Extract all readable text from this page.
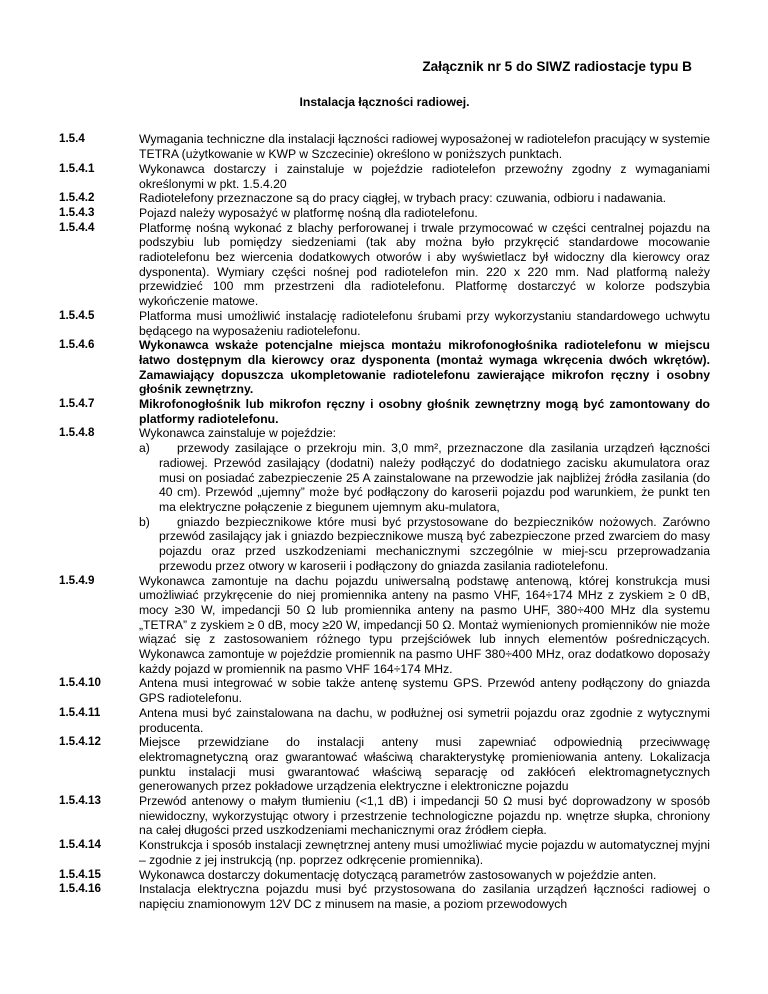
Załącznik nr 5 do SIWZ radiostacje typu B
Instalacja łączności radiowej.
1.5.4	Wymagania techniczne dla instalacji łączności radiowej wyposażonej w radiotelefon pracujący w systemie TETRA (użytkowanie w KWP w Szczecinie) określono w poniższych punktach.

1.5.4.1	Wykonawca dostarczy i zainstaluje w pojeździe radiotelefon przewoźny zgodny z wymaganiami określonymi w pkt. 1.5.4.20

1.5.4.2	Radiotelefony przeznaczone są do pracy ciągłej, w trybach pracy: czuwania, odbioru i nadawania.

1.5.4.3	Pojazd należy wyposażyć w platformę nośną dla radiotelefonu.

1.5.4.4	Platformę nośną wykonać z blachy perforowanej i trwale przymocować w części centralnej pojazdu na podszybiu lub pomiędzy siedzeniami (tak aby można było przykręcić standardowe mocowanie radiotelefonu bez wiercenia dodatkowych otworów i aby wyświetlacz był widoczny dla kierowcy oraz dysponenta). Wymiary części nośnej pod radiotelefon min. 220 x 220 mm. Nad platformą należy przewidzieć 100 mm przestrzeni dla radiotelefonu. Platformę dostarczyć w kolorze podszybia wykończenie matowe.

1.5.4.5	Platforma musi umożliwić instalację radiotelefonu śrubami przy wykorzystaniu standardowego uchwytu będącego na wyposażeniu radiotelefonu.

1.5.4.6	Wykonawca wskaże potencjalne miejsca montażu mikrofonogłośnika radiotelefonu w miejscu łatwo dostępnym dla kierowcy oraz dysponenta (montaż wymaga wkręcenia dwóch wkrętów). Zamawiający dopuszcza ukompletowanie radiotelefonu zawierające mikrofon ręczny i osobny głośnik zewnętrzny.

1.5.4.7	Mikrofonogłośnik lub mikrofon ręczny i osobny głośnik zewnętrzny mogą być zamontowany do platformy radiotelefonu.

1.5.4.8	Wykonawca zainstaluje w pojeździe:

a)	przewody zasilające o przekroju min. 3,0 mm², przeznaczone dla zasilania urządzeń łączności radiowej. Przewód zasilający (dodatni) należy podłączyć do dodatniego zacisku akumulatora oraz musi on posiadać zabezpieczenie 25 A zainstalowane na przewodzie jak najbliżej źródła zasilania (do 40 cm). Przewód „ujemny” może być podłączony do karoserii pojazdu pod warunkiem, że punkt ten ma elektryczne połączenie z biegunem ujemnym aku-mulatora,
b)	gniazdo bezpiecznikowe które musi być przystosowane do bezpieczników nożowych. Zarówno przewód zasilający jak i gniazdo bezpiecznikowe muszą być zabezpieczone przed zwarciem do masy pojazdu oraz przed uszkodzeniami mechanicznymi szczególnie w miej-scu przeprowadzania przewodu przez otwory w karoserii i podłączony do gniazda zasilania radiotelefonu.
1.5.4.9	Wykonawca zamontuje na dachu pojazdu uniwersalną podstawę antenową, której konstrukcja musi umożliwiać przykręcenie do niej promiennika anteny na pasmo VHF, 164÷174 MHz z zyskiem ≥ 0 dB, mocy ≥30 W, impedancji 50 Ω lub promiennika anteny na pasmo UHF, 380÷400 MHz dla systemu „TETRA” z zyskiem ≥ 0 dB, mocy ≥20 W, impedancji 50 Ω. Montaż wymienionych promienników nie może wiązać się z zastosowaniem różnego typu przejściówek lub innych elementów pośredniczących. Wykonawca zamontuje w pojeździe promiennik na pasmo UHF 380÷400 MHz, oraz dodatkowo doposaży każdy pojazd w promiennik na pasmo VHF 164÷174 MHz.

1.5.4.10	Antena musi integrować w sobie także antenę systemu GPS. Przewód anteny podłączony do gniazda GPS radiotelefonu.

1.5.4.11	Antena musi być zainstalowana na dachu, w podłużnej osi symetrii pojazdu oraz zgodnie z wytycznymi producenta.

1.5.4.12	Miejsce przewidziane do instalacji anteny musi zapewniać odpowiednią przeciwwagę elektromagnetyczną oraz gwarantować właściwą charakterystykę promieniowania anteny. Lokalizacja punktu instalacji musi gwarantować właściwą separację od zakłóceń elektromagnetycznych generowanych przez pokładowe urządzenia elektryczne i elektroniczne pojazdu

1.5.4.13	Przewód antenowy o małym tłumieniu (<1,1 dB) i impedancji 50 Ω musi być doprowadzony w sposób niewidoczny, wykorzystując otwory i przestrzenie technologiczne pojazdu np. wnętrze słupka, chroniony na całej długości przed uszkodzeniami mechanicznymi oraz źródłem ciepła.

1.5.4.14	Konstrukcja i sposób instalacji zewnętrznej anteny musi umożliwiać mycie pojazdu w automatycznej myjni – zgodnie z jej instrukcją (np. poprzez odkręcenie promiennika).

1.5.4.15	Wykonawca dostarczy dokumentację dotyczącą parametrów zastosowanych w pojeździe anten.

1.5.4.16	Instalacja elektryczna pojazdu musi być przystosowana do zasilania urządzeń łączności radiowej o napięciu znamionowym 12V DC z minusem na masie, a poziom przewodowych
